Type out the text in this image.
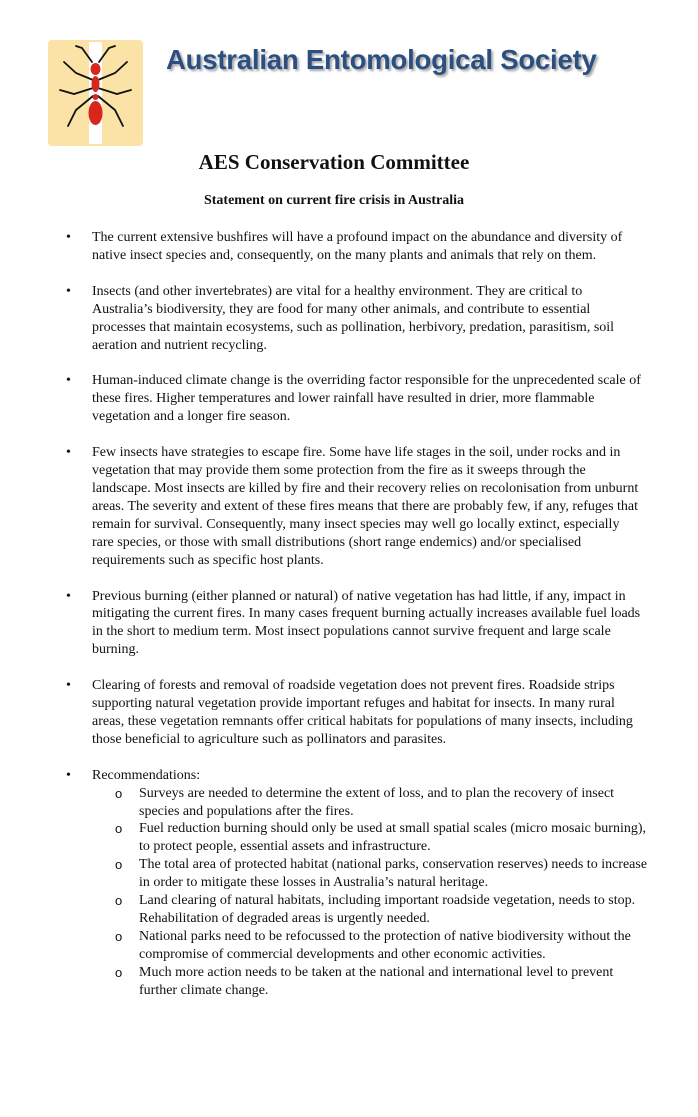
Australian Entomological Society
AES Conservation Committee
Statement on current fire crisis in Australia
• The current extensive bushfires will have a profound impact on the abundance and diversity of native insect species and, consequently, on the many plants and animals that rely on them.
• Insects (and other invertebrates) are vital for a healthy environment. They are critical to Australia’s biodiversity, they are food for many other animals, and contribute to essential processes that maintain ecosystems, such as pollination, herbivory, predation, parasitism, soil aeration and nutrient recycling.
• Human-induced climate change is the overriding factor responsible for the unprecedented scale of these fires. Higher temperatures and lower rainfall have resulted in drier, more flammable vegetation and a longer fire season.
• Few insects have strategies to escape fire. Some have life stages in the soil, under rocks and in vegetation that may provide them some protection from the fire as it sweeps through the landscape. Most insects are killed by fire and their recovery relies on recolonisation from unburnt areas. The severity and extent of these fires means that there are probably few, if any, refuges that remain for survival. Consequently, many insect species may well go locally extinct, especially rare species, or those with small distributions (short range endemics) and/or specialised requirements such as specific host plants.
• Previous burning (either planned or natural) of native vegetation has had little, if any, impact in mitigating the current fires. In many cases frequent burning actually increases available fuel loads in the short to medium term. Most insect populations cannot survive frequent and large scale burning.
• Clearing of forests and removal of roadside vegetation does not prevent fires. Roadside strips supporting natural vegetation provide important refuges and habitat for insects. In many rural areas, these vegetation remnants offer critical habitats for populations of many insects, including those beneficial to agriculture such as pollinators and parasites.
• Recommendations:
o Surveys are needed to determine the extent of loss, and to plan the recovery of insect species and populations after the fires.
o Fuel reduction burning should only be used at small spatial scales (micro mosaic burning), to protect people, essential assets and infrastructure.
o The total area of protected habitat (national parks, conservation reserves) needs to increase in order to mitigate these losses in Australia’s natural heritage.
o Land clearing of natural habitats, including important roadside vegetation, needs to stop. Rehabilitation of degraded areas is urgently needed.
o National parks need to be refocussed to the protection of native biodiversity without the compromise of commercial developments and other economic activities.
o Much more action needs to be taken at the national and international level to prevent further climate change.
